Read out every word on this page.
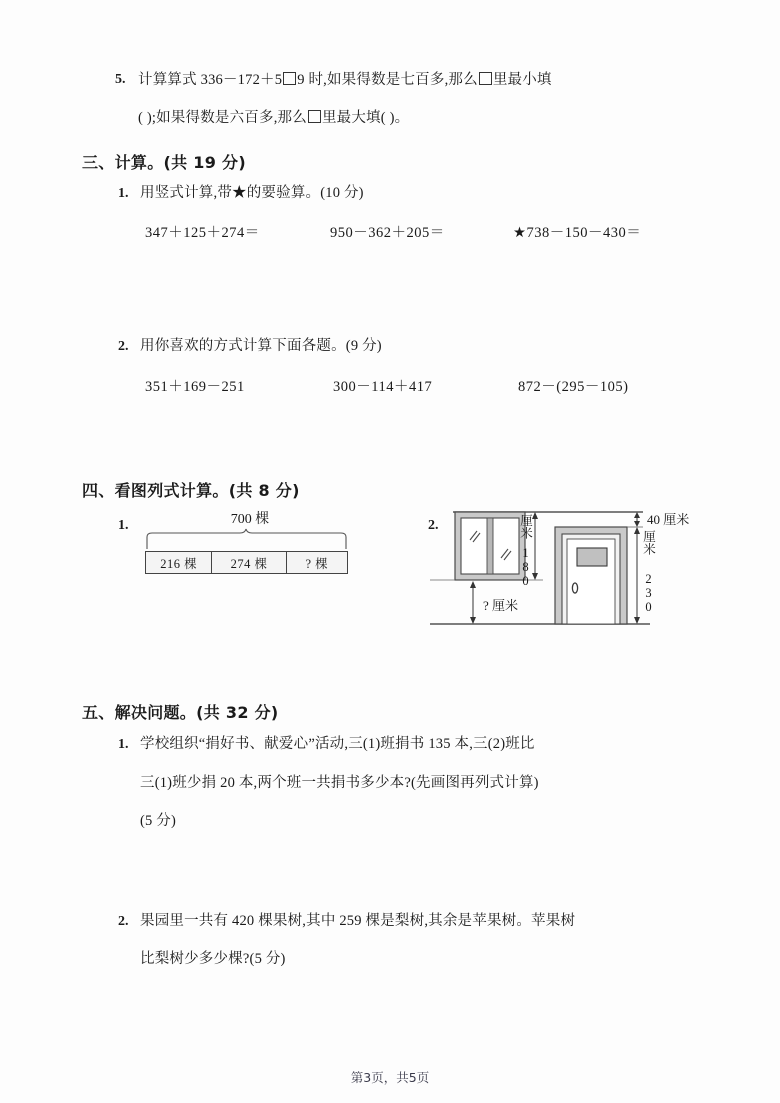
5. 计算算式 336－172＋5 9 时,如果得数是七百多,那么 里最小填
( );如果得数是六百多,那么 里最大填( )。
三、计算。(共 19 分)
1. 用竖式计算,带★的要验算。(10 分)
347＋125＋274＝	950－362＋205＝	★738－150－430＝
2. 用你喜欢的方式计算下面各题。(9 分)
351＋169－251	300－114＋417	872－(295－105)
四、看图列式计算。(共 8 分)
1.	700 棵
216 棵	274 棵	? 棵
2.	厘米
180
厘米
230
40 厘米
? 厘米
五、解决问题。(共 32 分)
1. 学校组织“捐好书、献爱心”活动,三(1)班捐书 135 本,三(2)班比
三(1)班少捐 20 本,两个班一共捐书多少本?(先画图再列式计算)
(5 分)
2. 果园里一共有 420 棵果树,其中 259 棵是梨树,其余是苹果树。苹果树
比梨树少多少棵?(5 分)
第3页，共5页
